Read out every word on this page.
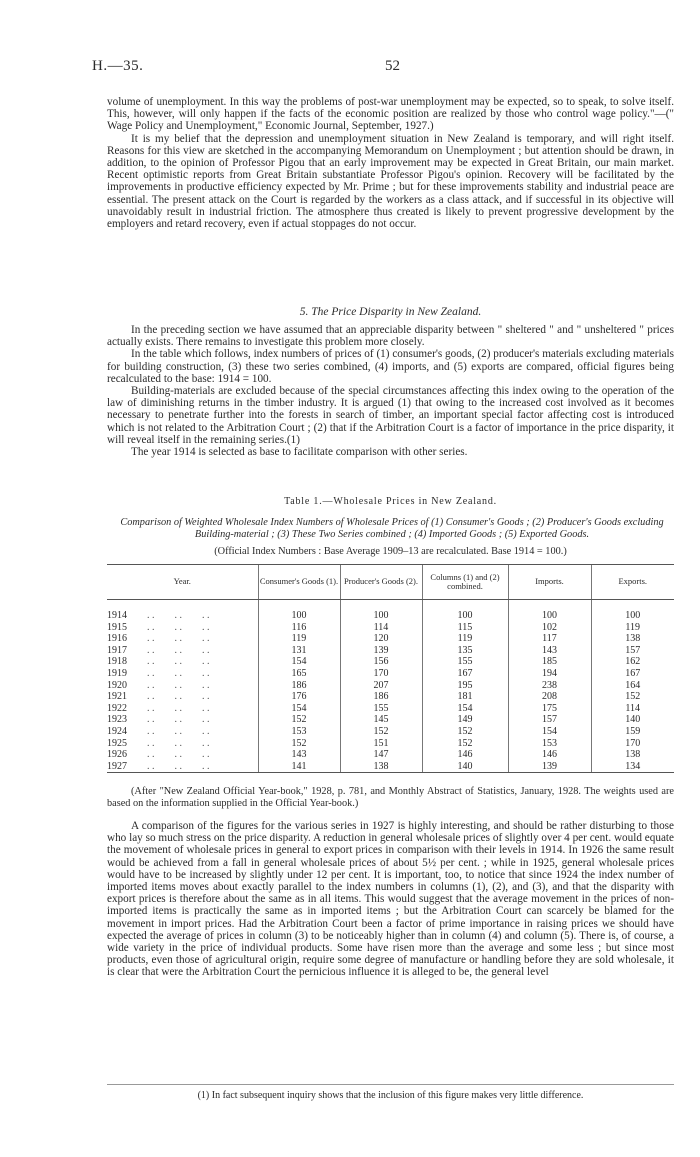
H.—35.	52

volume of unemployment. In this way the problems of post-war unemployment may be expected, so to speak, to solve itself. This, however, will only happen if the facts of the economic position are realized by those who control wage policy."—(" Wage Policy and Unemployment," Economic Journal, September, 1927.)

It is my belief that the depression and unemployment situation in New Zealand is temporary, and will right itself. Reasons for this view are sketched in the accompanying Memorandum on Unemployment ; but attention should be drawn, in addition, to the opinion of Professor Pigou that an early improvement may be expected in Great Britain, our main market. Recent optimistic reports from Great Britain substantiate Professor Pigou's opinion. Recovery will be facilitated by the improvements in productive efficiency expected by Mr. Prime ; but for these improvements stability and industrial peace are essential. The present attack on the Court is regarded by the workers as a class attack, and if successful in its objective will unavoidably result in industrial friction. The atmosphere thus created is likely to prevent progressive development by the employers and retard recovery, even if actual stoppages do not occur.

5. The Price Disparity in New Zealand.

In the preceding section we have assumed that an appreciable disparity between " sheltered " and " unsheltered " prices actually exists. There remains to investigate this problem more closely.

In the table which follows, index numbers of prices of (1) consumer's goods, (2) producer's materials excluding materials for building construction, (3) these two series combined, (4) imports, and (5) exports are compared, official figures being recalculated to the base: 1914 = 100.

Building-materials are excluded because of the special circumstances affecting this index owing to the operation of the law of diminishing returns in the timber industry. It is argued (1) that owing to the increased cost involved as it becomes necessary to penetrate further into the forests in search of timber, an important special factor affecting cost is introduced which is not related to the Arbitration Court ; (2) that if the Arbitration Court is a factor of importance in the price disparity, it will reveal itself in the remaining series.(1)

The year 1914 is selected as base to facilitate comparison with other series.

Table 1.—Wholesale Prices in New Zealand.
Comparison of Weighted Wholesale Index Numbers of Wholesale Prices of (1) Consumer's Goods ; (2) Producer's Goods excluding Building-material ; (3) These Two Series combined ; (4) Imported Goods ; (5) Exported Goods.
(Official Index Numbers : Base Average 1909–13 are recalculated. Base 1914 = 100.)
Year.	Consumer's Goods (1).	Producer's Goods (2).	Columns (1) and (2) combined.	Imports.	Exports.

1914 . .        . .        . .	100	100	100	100	100
1915 . .        . .        . .	116	114	115	102	119
1916 . .        . .        . .	119	120	119	117	138
1917 . .        . .        . .	131	139	135	143	157
1918 . .        . .        . .	154	156	155	185	162
1919 . .        . .        . .	165	170	167	194	167
1920 . .        . .        . .	186	207	195	238	164
1921 . .        . .        . .	176	186	181	208	152
1922 . .        . .        . .	154	155	154	175	114
1923 . .        . .        . .	152	145	149	157	140
1924 . .        . .        . .	153	152	152	154	159
1925 . .        . .        . .	152	151	152	153	170
1926 . .        . .        . .	143	147	146	146	138
1927 . .        . .        . .	141	138	140	139	134
(After "New Zealand Official Year-book," 1928, p. 781, and Monthly Abstract of Statistics, January, 1928. The weights used are based on the information supplied in the Official Year-book.)

A comparison of the figures for the various series in 1927 is highly interesting, and should be rather disturbing to those who lay so much stress on the price disparity. A reduction in general wholesale prices of slightly over 4 per cent. would equate the movement of wholesale prices in general to export prices in comparison with their levels in 1914. In 1926 the same result would be achieved from a fall in general wholesale prices of about 5½ per cent. ; while in 1925, general wholesale prices would have to be increased by slightly under 12 per cent. It is important, too, to notice that since 1924 the index number of imported items moves about exactly parallel to the index numbers in columns (1), (2), and (3), and that the disparity with export prices is therefore about the same as in all items. This would suggest that the average movement in the prices of non-imported items is practically the same as in imported items ; but the Arbitration Court can scarcely be blamed for the movement in import prices. Had the Arbitration Court been a factor of prime importance in raising prices we should have expected the average of prices in column (3) to be noticeably higher than in column (4) and column (5). There is, of course, a wide variety in the price of individual products. Some have risen more than the average and some less ; but since most products, even those of agricultural origin, require some degree of manufacture or handling before they are sold wholesale, it is clear that were the Arbitration Court the pernicious influence it is alleged to be, the general level

(1) In fact subsequent inquiry shows that the inclusion of this figure makes very little difference.
